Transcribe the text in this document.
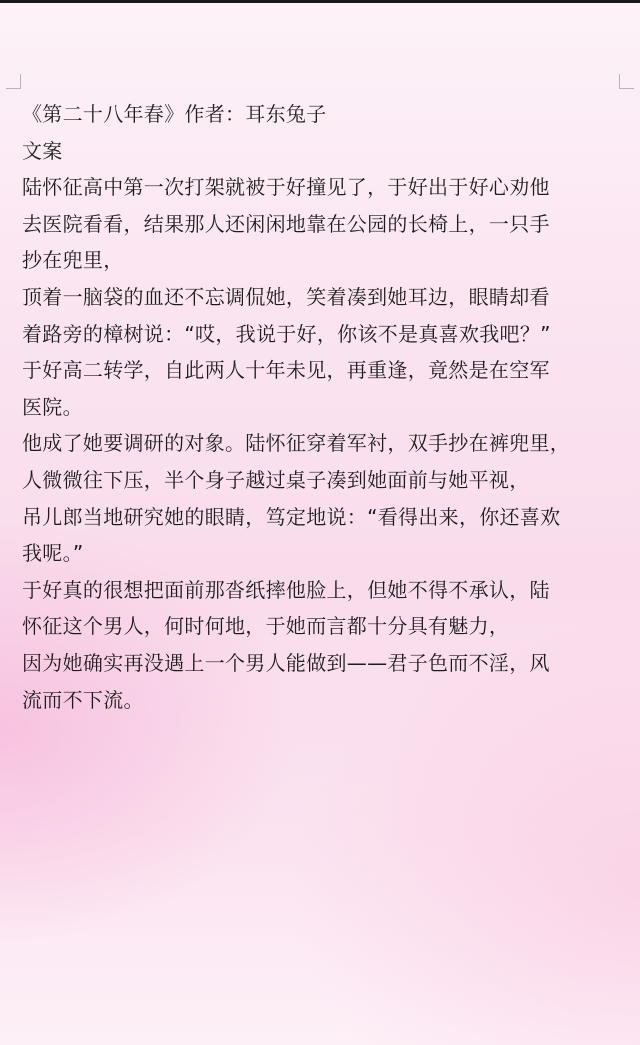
《第二十八年春》作者：耳东兔子

文案

陆怀征高中第一次打架就被于好撞见了，于好出于好心劝他
去医院看看，结果那人还闲闲地靠在公园的长椅上，一只手
抄在兜里，

顶着一脑袋的血还不忘调侃她，笑着凑到她耳边，眼睛却看
着路旁的樟树说：“哎，我说于好，你该不是真喜欢我吧？”

于好高二转学，自此两人十年未见，再重逢，竟然是在空军
医院。

他成了她要调研的对象。陆怀征穿着军衬，双手抄在裤兜里，
人微微往下压，半个身子越过桌子凑到她面前与她平视，

吊儿郎当地研究她的眼睛，笃定地说：“看得出来，你还喜欢
我呢。”

于好真的很想把面前那沓纸摔他脸上，但她不得不承认，陆
怀征这个男人，何时何地，于她而言都十分具有魅力，

因为她确实再没遇上一个男人能做到——君子色而不淫，风
流而不下流。
